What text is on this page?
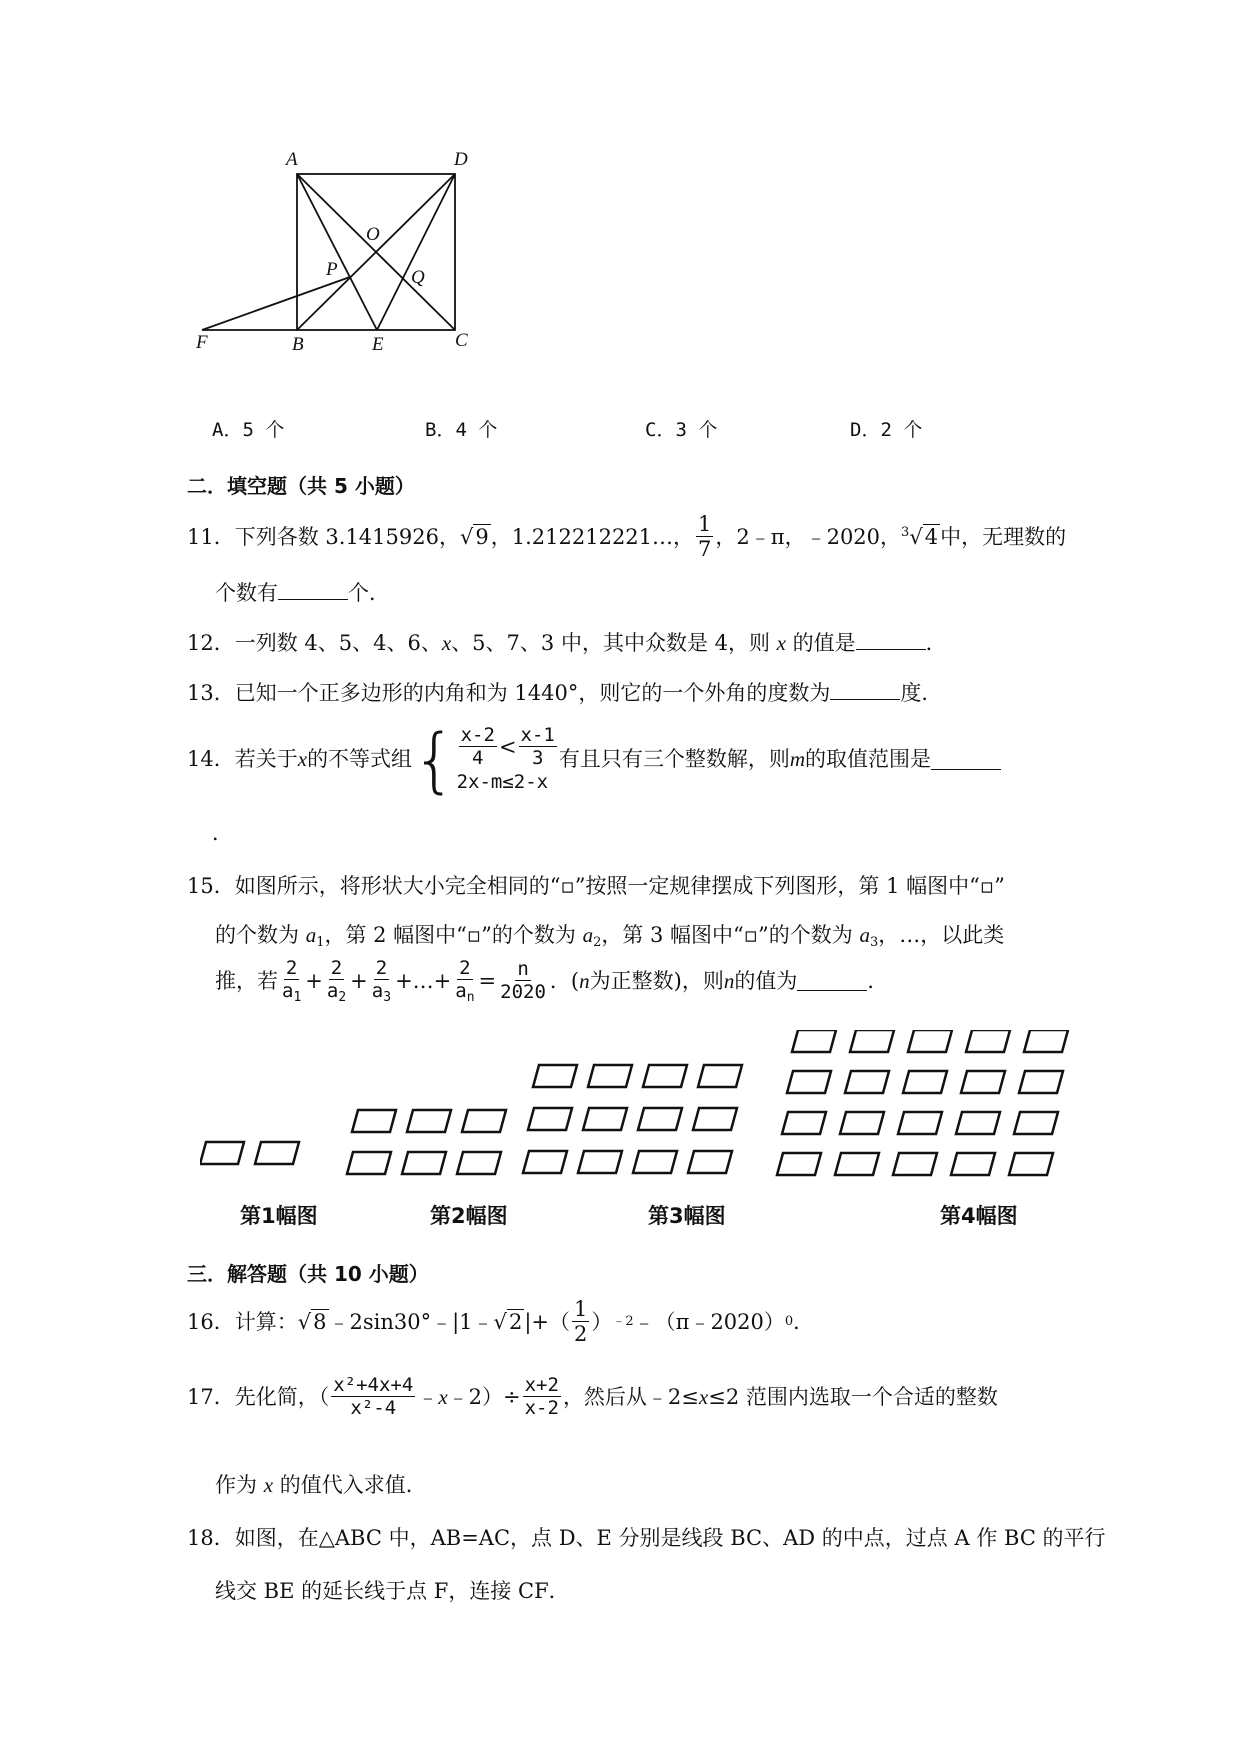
A	D
O
P	Q
F	B	E	C
A．5 个	B．4 个	C．3 个	D．2 个
二．填空题（共 5 小题）
11． 下列各数 3.1415926， √9 ，1.212212221…， $\frac{1}{7}$ ，2﹣π，﹣2020， $^3$√4 中，无理数的
个数有	个．
12．一列数 4、5、4、6、x、5、7、3 中，其中众数是 4，则 x 的值是	．
13．已知一个正多边形的内角和为 1440°，则它的一个外角的度数为	度．
14． 若关于 x 的不等式组 { $\frac{x-2}{4} < \frac{x-1}{3}$
2x-m≤2-x
有且只有三个整数解，则 m 的取值范围是
．
15．如图所示，将形状大小完全相同的“▫”按照一定规律摆成下列图形，第 1 幅图中“▫”
的个数为 $a_1$，第 2 幅图中“▫”的个数为 $a_2$，第 3 幅图中“▫”的个数为 $a_3$，…，以此类
推，若 $\frac{2}{a_1} + \frac{2}{a_2} + \frac{2}{a_3}$ +…+ $\frac{2}{a_n} = \frac{n}{2020}$ ．( n 为正整数)，则 n 的值为	．
第1幅图	第2幅图	第3幅图	第4幅图
三．解答题（共 10 小题）
16． 计算： √8 ﹣2sin30°﹣|1﹣ √2 |+（ $\frac{1}{2}$ ） ﹣2 ﹣（π﹣2020） 0 ．
17． 先化简，（ $\frac{\text{x²+4x+4}}{\text{x²-4}}$ ﹣ x ﹣2）÷ $\frac{x+2}{x-2}$ ，然后从﹣2≤ x ≤2 范围内选取一个合适的整数
作为 x 的值代入求值．
18．如图，在△ABC 中，AB=AC，点 D、E 分别是线段 BC、AD 的中点，过点 A 作 BC 的平行
线交 BE 的延长线于点 F，连接 CF．
